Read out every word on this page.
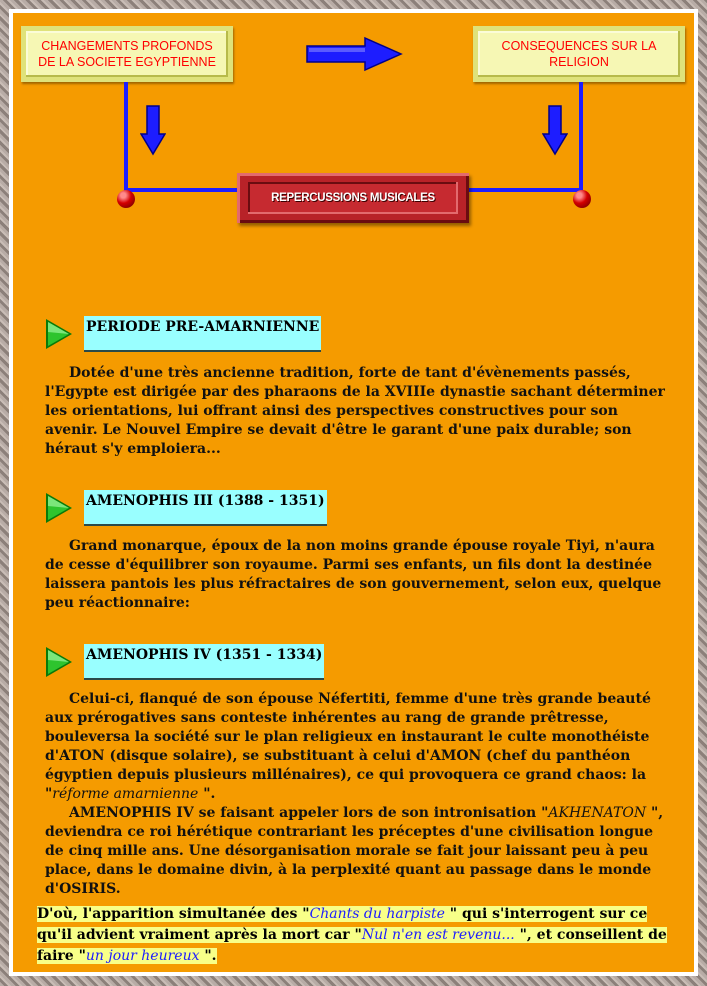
CHANGEMENTS PROFONDS
DE LA SOCIETE EGYPTIENNE
CONSEQUENCES SUR LA
RELIGION
REPERCUSSIONS MUSICALES
PERIODE PRE-AMARNIENNE

Dotée d'une très ancienne tradition, forte de tant d'évènements passés, l'Egypte est dirigée par des pharaons de la XVIIIe dynastie sachant déterminer les orientations, lui offrant ainsi des perspectives constructives pour son avenir. Le Nouvel Empire se devait d'être le garant d'une paix durable; son héraut s'y emploiera...

AMENOPHIS III (1388 - 1351)

Grand monarque, époux de la non moins grande épouse royale Tiyi, n'aura de cesse d'équilibrer son royaume. Parmi ses enfants, un fils dont la destinée laissera pantois les plus réfractaires de son gouvernement, selon eux, quelque peu réactionnaire:

AMENOPHIS IV (1351 - 1334)

Celui-ci, flanqué de son épouse Néfertiti, femme d'une très grande beauté aux prérogatives sans conteste inhérentes au rang de grande prêtresse, bouleversa la société sur le plan religieux en instaurant le culte monothéiste d'ATON (disque solaire), se substituant à celui d'AMON (chef du panthéon égyptien depuis plusieurs millénaires), ce qui provoquera ce grand chaos: la "réforme amarnienne ".

AMENOPHIS IV se faisant appeler lors de son intronisation "AKHENATON ", deviendra ce roi hérétique contrariant les préceptes d'une civilisation longue de cinq mille ans. Une désorganisation morale se fait jour laissant peu à peu place, dans le domaine divin, à la perplexité quant au passage dans le monde d'OSIRIS.

D'où, l'apparition simultanée des "Chants du harpiste " qui s'interrogent sur ce qu'il advient vraiment après la mort car "Nul n'en est revenu... ", et conseillent de faire "un jour heureux ".
